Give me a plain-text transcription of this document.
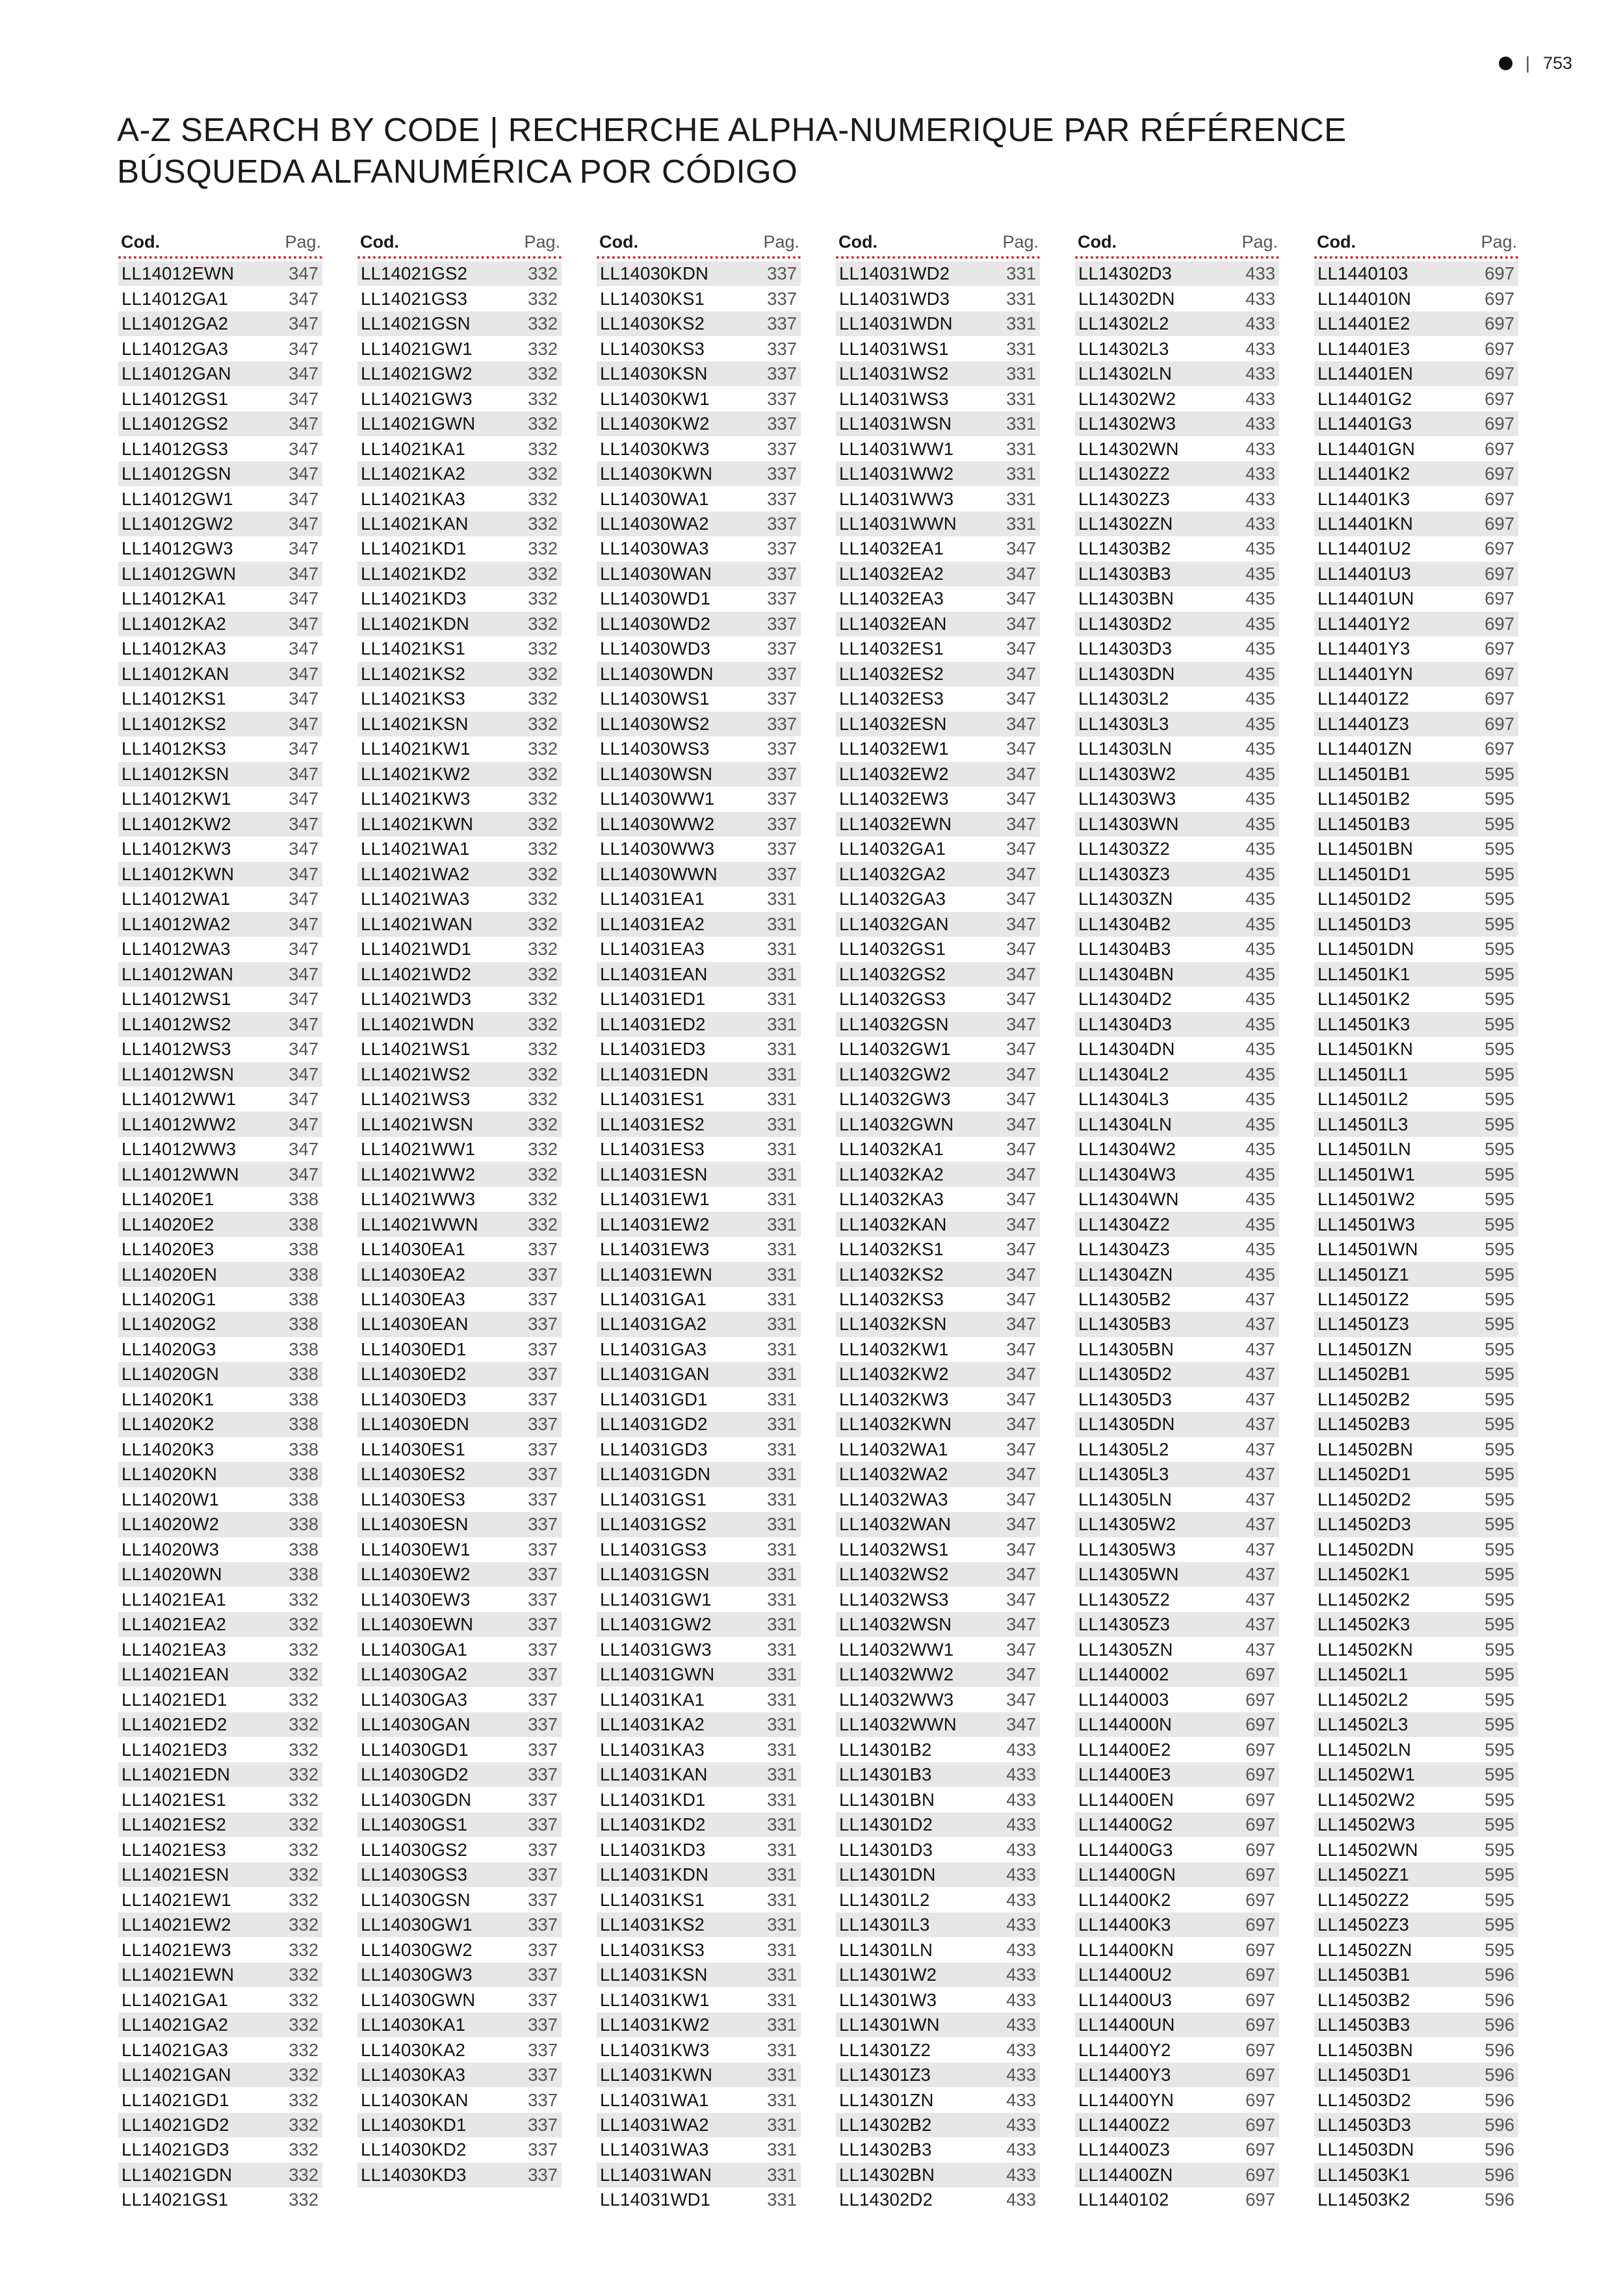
| 753
A-Z SEARCH BY CODE | RECHERCHE ALPHA-NUMERIQUE PAR RÉFÉRENCE
BÚSQUEDA ALFANUMÉRICA POR CÓDIGO
Cod.	Pag.
LL14012EWN	347
LL14012GA1	347
LL14012GA2	347
LL14012GA3	347
LL14012GAN	347
LL14012GS1	347
LL14012GS2	347
LL14012GS3	347
LL14012GSN	347
LL14012GW1	347
LL14012GW2	347
LL14012GW3	347
LL14012GWN	347
LL14012KA1	347
LL14012KA2	347
LL14012KA3	347
LL14012KAN	347
LL14012KS1	347
LL14012KS2	347
LL14012KS3	347
LL14012KSN	347
LL14012KW1	347
LL14012KW2	347
LL14012KW3	347
LL14012KWN	347
LL14012WA1	347
LL14012WA2	347
LL14012WA3	347
LL14012WAN	347
LL14012WS1	347
LL14012WS2	347
LL14012WS3	347
LL14012WSN	347
LL14012WW1	347
LL14012WW2	347
LL14012WW3	347
LL14012WWN	347
LL14020E1	338
LL14020E2	338
LL14020E3	338
LL14020EN	338
LL14020G1	338
LL14020G2	338
LL14020G3	338
LL14020GN	338
LL14020K1	338
LL14020K2	338
LL14020K3	338
LL14020KN	338
LL14020W1	338
LL14020W2	338
LL14020W3	338
LL14020WN	338
LL14021EA1	332
LL14021EA2	332
LL14021EA3	332
LL14021EAN	332
LL14021ED1	332
LL14021ED2	332
LL14021ED3	332
LL14021EDN	332
LL14021ES1	332
LL14021ES2	332
LL14021ES3	332
LL14021ESN	332
LL14021EW1	332
LL14021EW2	332
LL14021EW3	332
LL14021EWN	332
LL14021GA1	332
LL14021GA2	332
LL14021GA3	332
LL14021GAN	332
LL14021GD1	332
LL14021GD2	332
LL14021GD3	332
LL14021GDN	332
LL14021GS1	332
Cod.	Pag.
LL14021GS2	332
LL14021GS3	332
LL14021GSN	332
LL14021GW1	332
LL14021GW2	332
LL14021GW3	332
LL14021GWN	332
LL14021KA1	332
LL14021KA2	332
LL14021KA3	332
LL14021KAN	332
LL14021KD1	332
LL14021KD2	332
LL14021KD3	332
LL14021KDN	332
LL14021KS1	332
LL14021KS2	332
LL14021KS3	332
LL14021KSN	332
LL14021KW1	332
LL14021KW2	332
LL14021KW3	332
LL14021KWN	332
LL14021WA1	332
LL14021WA2	332
LL14021WA3	332
LL14021WAN	332
LL14021WD1	332
LL14021WD2	332
LL14021WD3	332
LL14021WDN	332
LL14021WS1	332
LL14021WS2	332
LL14021WS3	332
LL14021WSN	332
LL14021WW1	332
LL14021WW2	332
LL14021WW3	332
LL14021WWN	332
LL14030EA1	337
LL14030EA2	337
LL14030EA3	337
LL14030EAN	337
LL14030ED1	337
LL14030ED2	337
LL14030ED3	337
LL14030EDN	337
LL14030ES1	337
LL14030ES2	337
LL14030ES3	337
LL14030ESN	337
LL14030EW1	337
LL14030EW2	337
LL14030EW3	337
LL14030EWN	337
LL14030GA1	337
LL14030GA2	337
LL14030GA3	337
LL14030GAN	337
LL14030GD1	337
LL14030GD2	337
LL14030GDN	337
LL14030GS1	337
LL14030GS2	337
LL14030GS3	337
LL14030GSN	337
LL14030GW1	337
LL14030GW2	337
LL14030GW3	337
LL14030GWN	337
LL14030KA1	337
LL14030KA2	337
LL14030KA3	337
LL14030KAN	337
LL14030KD1	337
LL14030KD2	337
LL14030KD3	337
Cod.	Pag.
LL14030KDN	337
LL14030KS1	337
LL14030KS2	337
LL14030KS3	337
LL14030KSN	337
LL14030KW1	337
LL14030KW2	337
LL14030KW3	337
LL14030KWN	337
LL14030WA1	337
LL14030WA2	337
LL14030WA3	337
LL14030WAN	337
LL14030WD1	337
LL14030WD2	337
LL14030WD3	337
LL14030WDN	337
LL14030WS1	337
LL14030WS2	337
LL14030WS3	337
LL14030WSN	337
LL14030WW1	337
LL14030WW2	337
LL14030WW3	337
LL14030WWN	337
LL14031EA1	331
LL14031EA2	331
LL14031EA3	331
LL14031EAN	331
LL14031ED1	331
LL14031ED2	331
LL14031ED3	331
LL14031EDN	331
LL14031ES1	331
LL14031ES2	331
LL14031ES3	331
LL14031ESN	331
LL14031EW1	331
LL14031EW2	331
LL14031EW3	331
LL14031EWN	331
LL14031GA1	331
LL14031GA2	331
LL14031GA3	331
LL14031GAN	331
LL14031GD1	331
LL14031GD2	331
LL14031GD3	331
LL14031GDN	331
LL14031GS1	331
LL14031GS2	331
LL14031GS3	331
LL14031GSN	331
LL14031GW1	331
LL14031GW2	331
LL14031GW3	331
LL14031GWN	331
LL14031KA1	331
LL14031KA2	331
LL14031KA3	331
LL14031KAN	331
LL14031KD1	331
LL14031KD2	331
LL14031KD3	331
LL14031KDN	331
LL14031KS1	331
LL14031KS2	331
LL14031KS3	331
LL14031KSN	331
LL14031KW1	331
LL14031KW2	331
LL14031KW3	331
LL14031KWN	331
LL14031WA1	331
LL14031WA2	331
LL14031WA3	331
LL14031WAN	331
LL14031WD1	331
Cod.	Pag.
LL14031WD2	331
LL14031WD3	331
LL14031WDN	331
LL14031WS1	331
LL14031WS2	331
LL14031WS3	331
LL14031WSN	331
LL14031WW1	331
LL14031WW2	331
LL14031WW3	331
LL14031WWN	331
LL14032EA1	347
LL14032EA2	347
LL14032EA3	347
LL14032EAN	347
LL14032ES1	347
LL14032ES2	347
LL14032ES3	347
LL14032ESN	347
LL14032EW1	347
LL14032EW2	347
LL14032EW3	347
LL14032EWN	347
LL14032GA1	347
LL14032GA2	347
LL14032GA3	347
LL14032GAN	347
LL14032GS1	347
LL14032GS2	347
LL14032GS3	347
LL14032GSN	347
LL14032GW1	347
LL14032GW2	347
LL14032GW3	347
LL14032GWN	347
LL14032KA1	347
LL14032KA2	347
LL14032KA3	347
LL14032KAN	347
LL14032KS1	347
LL14032KS2	347
LL14032KS3	347
LL14032KSN	347
LL14032KW1	347
LL14032KW2	347
LL14032KW3	347
LL14032KWN	347
LL14032WA1	347
LL14032WA2	347
LL14032WA3	347
LL14032WAN	347
LL14032WS1	347
LL14032WS2	347
LL14032WS3	347
LL14032WSN	347
LL14032WW1	347
LL14032WW2	347
LL14032WW3	347
LL14032WWN	347
LL14301B2	433
LL14301B3	433
LL14301BN	433
LL14301D2	433
LL14301D3	433
LL14301DN	433
LL14301L2	433
LL14301L3	433
LL14301LN	433
LL14301W2	433
LL14301W3	433
LL14301WN	433
LL14301Z2	433
LL14301Z3	433
LL14301ZN	433
LL14302B2	433
LL14302B3	433
LL14302BN	433
LL14302D2	433
Cod.	Pag.
LL14302D3	433
LL14302DN	433
LL14302L2	433
LL14302L3	433
LL14302LN	433
LL14302W2	433
LL14302W3	433
LL14302WN	433
LL14302Z2	433
LL14302Z3	433
LL14302ZN	433
LL14303B2	435
LL14303B3	435
LL14303BN	435
LL14303D2	435
LL14303D3	435
LL14303DN	435
LL14303L2	435
LL14303L3	435
LL14303LN	435
LL14303W2	435
LL14303W3	435
LL14303WN	435
LL14303Z2	435
LL14303Z3	435
LL14303ZN	435
LL14304B2	435
LL14304B3	435
LL14304BN	435
LL14304D2	435
LL14304D3	435
LL14304DN	435
LL14304L2	435
LL14304L3	435
LL14304LN	435
LL14304W2	435
LL14304W3	435
LL14304WN	435
LL14304Z2	435
LL14304Z3	435
LL14304ZN	435
LL14305B2	437
LL14305B3	437
LL14305BN	437
LL14305D2	437
LL14305D3	437
LL14305DN	437
LL14305L2	437
LL14305L3	437
LL14305LN	437
LL14305W2	437
LL14305W3	437
LL14305WN	437
LL14305Z2	437
LL14305Z3	437
LL14305ZN	437
LL1440002	697
LL1440003	697
LL144000N	697
LL14400E2	697
LL14400E3	697
LL14400EN	697
LL14400G2	697
LL14400G3	697
LL14400GN	697
LL14400K2	697
LL14400K3	697
LL14400KN	697
LL14400U2	697
LL14400U3	697
LL14400UN	697
LL14400Y2	697
LL14400Y3	697
LL14400YN	697
LL14400Z2	697
LL14400Z3	697
LL14400ZN	697
LL1440102	697
Cod.	Pag.
LL1440103	697
LL144010N	697
LL14401E2	697
LL14401E3	697
LL14401EN	697
LL14401G2	697
LL14401G3	697
LL14401GN	697
LL14401K2	697
LL14401K3	697
LL14401KN	697
LL14401U2	697
LL14401U3	697
LL14401UN	697
LL14401Y2	697
LL14401Y3	697
LL14401YN	697
LL14401Z2	697
LL14401Z3	697
LL14401ZN	697
LL14501B1	595
LL14501B2	595
LL14501B3	595
LL14501BN	595
LL14501D1	595
LL14501D2	595
LL14501D3	595
LL14501DN	595
LL14501K1	595
LL14501K2	595
LL14501K3	595
LL14501KN	595
LL14501L1	595
LL14501L2	595
LL14501L3	595
LL14501LN	595
LL14501W1	595
LL14501W2	595
LL14501W3	595
LL14501WN	595
LL14501Z1	595
LL14501Z2	595
LL14501Z3	595
LL14501ZN	595
LL14502B1	595
LL14502B2	595
LL14502B3	595
LL14502BN	595
LL14502D1	595
LL14502D2	595
LL14502D3	595
LL14502DN	595
LL14502K1	595
LL14502K2	595
LL14502K3	595
LL14502KN	595
LL14502L1	595
LL14502L2	595
LL14502L3	595
LL14502LN	595
LL14502W1	595
LL14502W2	595
LL14502W3	595
LL14502WN	595
LL14502Z1	595
LL14502Z2	595
LL14502Z3	595
LL14502ZN	595
LL14503B1	596
LL14503B2	596
LL14503B3	596
LL14503BN	596
LL14503D1	596
LL14503D2	596
LL14503D3	596
LL14503DN	596
LL14503K1	596
LL14503K2	596
